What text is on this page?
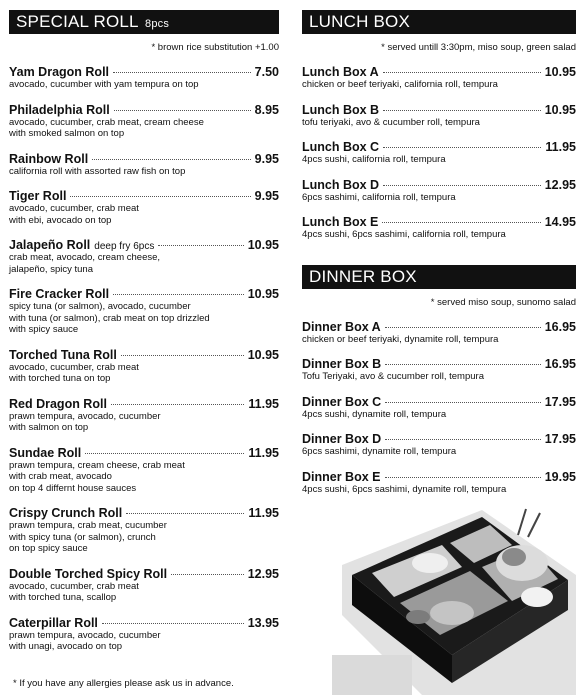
SPECIAL ROLL 8pcs
* brown rice substitution +1.00
Yam Dragon Roll	7.50
avocado, cucumber with yam tempura on top
Philadelphia Roll	8.95
avocado, cucumber, crab meat, cream cheese
with smoked salmon on top
Rainbow Roll	9.95
california roll with assorted raw fish on top
Tiger Roll	9.95
avocado, cucumber, crab meat
with ebi, avocado on top
Jalapeño Roll deep fry 6pcs	10.95
crab meat, avocado, cream cheese,
jalapeño, spicy tuna
Fire Cracker Roll	10.95
spicy tuna (or salmon), avocado, cucumber
with tuna (or salmon), crab meat on top drizzled
with spicy sauce
Torched Tuna Roll	10.95
avocado, cucumber, crab meat
with torched tuna on top
Red Dragon Roll	11.95
prawn tempura, avocado, cucumber
with salmon on top
Sundae Roll	11.95
prawn tempura, cream cheese, crab meat
with crab meat, avocado
on top 4 differnt house sauces
Crispy Crunch Roll	11.95
prawn tempura, crab meat, cucumber
with spicy tuna (or salmon), crunch
on top spicy sauce
Double Torched Spicy Roll	12.95
avocado, cucumber, crab meat
with torched tuna, scallop
Caterpillar Roll	13.95
prawn tempura, avocado, cucumber
with unagi, avocado on top
LUNCH BOX
* served untill 3:30pm, miso soup, green salad
Lunch Box A	10.95
chicken or beef teriyaki, california roll, tempura
Lunch Box B	10.95
tofu teriyaki, avo & cucumber roll, tempura
Lunch Box C	11.95
4pcs sushi, california roll, tempura
Lunch Box D	12.95
6pcs sashimi, california roll, tempura
Lunch Box E	14.95
4pcs sushi, 6pcs sashimi, california roll, tempura
DINNER BOX
* served miso soup, sunomo salad
Dinner Box A	16.95
chicken or beef teriyaki, dynamite roll, tempura
Dinner Box B	16.95
Tofu Teriyaki, avo & cucumber roll, tempura
Dinner Box C	17.95
4pcs sushi, dynamite roll, tempura
Dinner Box D	17.95
6pcs sashimi, dynamite roll, tempura
Dinner Box E	19.95
4pcs sushi, 6pcs sashimi, dynamite roll, tempura
* If you have any allergies please ask us in advance.
